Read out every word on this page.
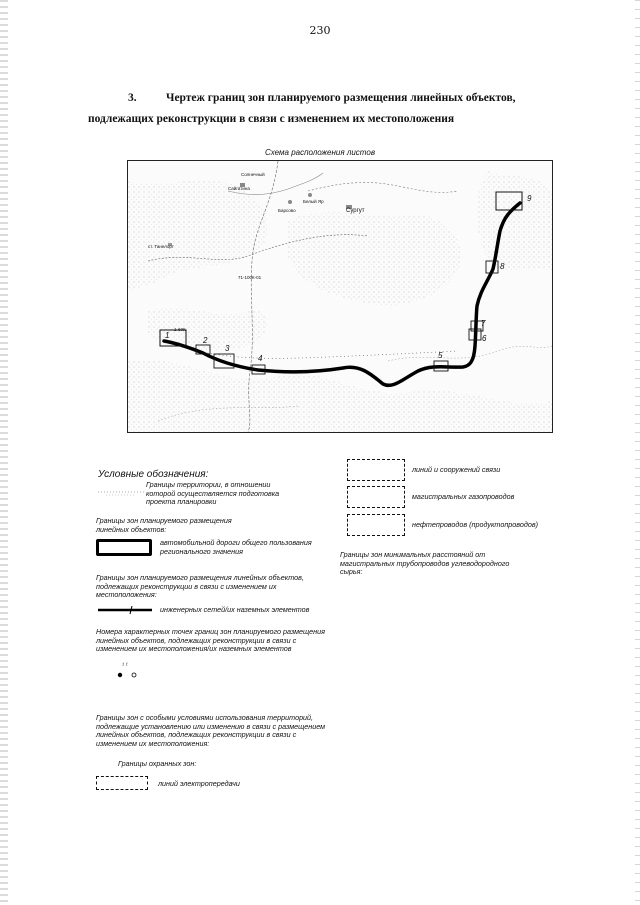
230
3.	Чертеж границ зон планируемого размещения линейных объектов,
подлежащих реконструкции в связи с изменением их местоположения
Схема расположения листов
1
2
3
4	5
6
7
8
9
Сургут
Белый Яр
Барсово
Солнечный
Сайгатина
ст. Танелорт
71-100К-01
1-60К
Условные обозначения:
Границы территории, в отношении которой осуществляется подготовка проекта планировки
Границы зон планируемого размещения линейных объектов:
автомобильной дороги общего пользования регионального значения
Границы зон планируемого размещения линейных объектов, подлежащих реконструкции в связи с изменением их местоположения:
инженерных сетей/их наземных элементов
Номера характерных точек границ зон планируемого размещения линейных объектов, подлежащих реконструкции в связи с изменением их местоположения/их наземных элементов
¹ ¹
Границы зон с особыми условиями использования территорий, подлежащие установлению или изменению в связи с размещением линейных объектов, подлежащих реконструкции в связи с изменением их местоположения:
Границы охранных зон:
линий электропередачи
линий и сооружений связи
магистральных газопроводов
нефтепроводов (продуктопроводов)
Границы зон минимальных расстояний от магистральных трубопроводов углеводородного сырья:
